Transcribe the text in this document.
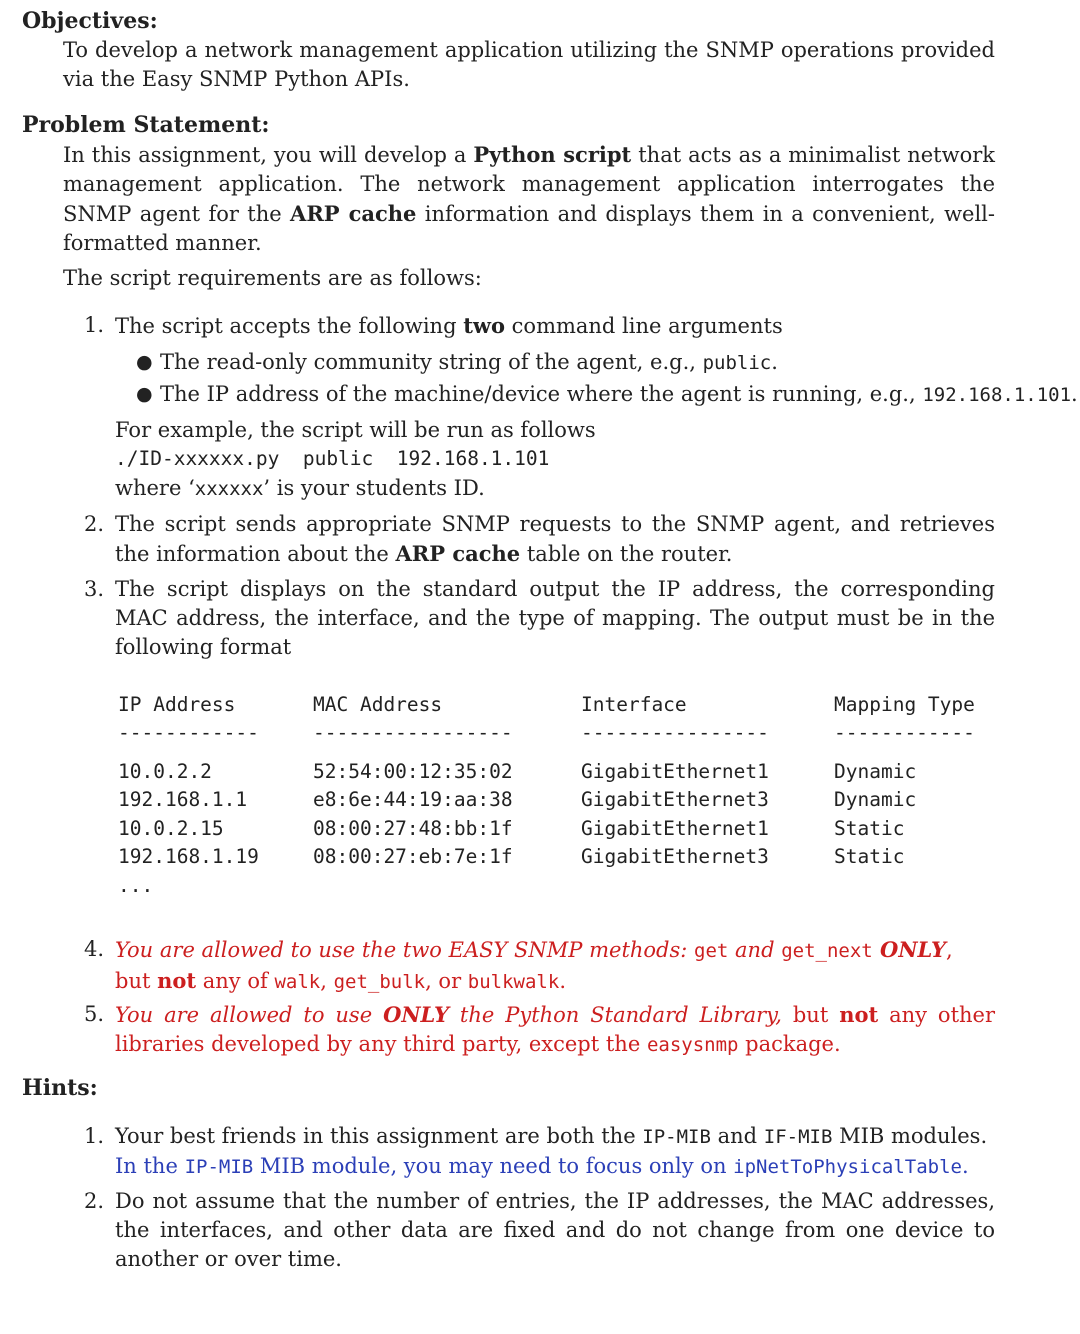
Objectives:
To develop a network management application utilizing the SNMP operations provided via the Easy SNMP Python APIs.
Problem Statement:
In this assignment, you will develop a Python script that acts as a minimalist network management application. The network management application interrogates the SNMP agent for the ARP cache information and displays them in a convenient, well-formatted manner.
The script requirements are as follows:
1. The script accepts the following two command line arguments
● The read-only community string of the agent, e.g., public.
● The IP address of the machine/device where the agent is running, e.g., 192.168.1.101.
For example, the script will be run as follows
./ID-xxxxxx.py  public  192.168.1.101
where ‘xxxxxx’ is your students ID.
2. The script sends appropriate SNMP requests to the SNMP agent, and retrieves the information about the ARP cache table on the router.
3. The script displays on the standard output the IP address, the corresponding MAC address, the interface, and the type of mapping. The output must be in the following format
IP Address	MAC Address	Interface	Mapping Type
------------	-----------------	----------------	------------

10.0.2.2	52:54:00:12:35:02	GigabitEthernet1	Dynamic
192.168.1.1	e8:6e:44:19:aa:38	GigabitEthernet3	Dynamic
10.0.2.15	08:00:27:48:bb:1f	GigabitEthernet1	Static
192.168.1.19	08:00:27:eb:7e:1f	GigabitEthernet3	Static
...			
4. You are allowed to use the two EASY SNMP methods: get and get_next ONLY,
but not any of walk, get_bulk, or bulkwalk.
5. You are allowed to use ONLY the Python Standard Library, but not any other libraries developed by any third party, except the easysnmp package.
Hints:
1. Your best friends in this assignment are both the IP-MIB and IF-MIB MIB modules.
In the IP-MIB MIB module, you may need to focus only on ipNetToPhysicalTable.
2. Do not assume that the number of entries, the IP addresses, the MAC addresses, the interfaces, and other data are fixed and do not change from one device to another or over time.
